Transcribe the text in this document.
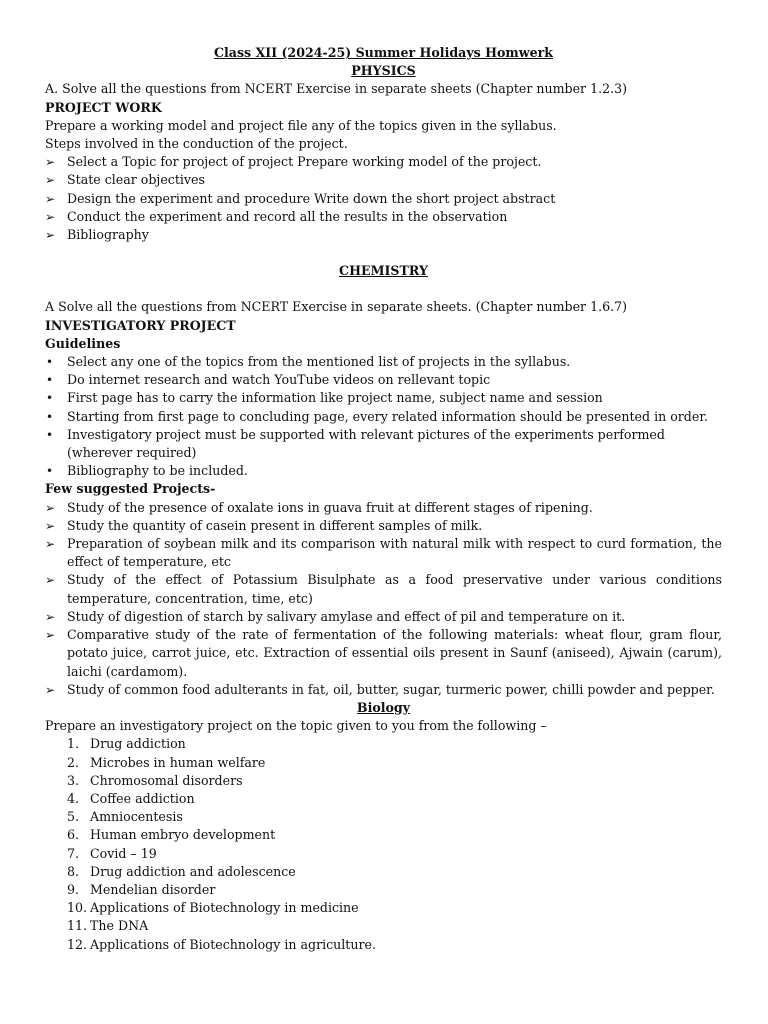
Class XII (2024-25) Summer Holidays Homwerk
PHYSICS
A. Solve all the questions from NCERT Exercise in separate sheets (Chapter number 1.2.3)
PROJECT WORK
Prepare a working model and project file any of the topics given in the syllabus.
Steps involved in the conduction of the project.
➢ Select a Topic for project of project Prepare working model of the project.
➢ State clear objectives
➢ Design the experiment and procedure Write down the short project abstract
➢ Conduct the experiment and record all the results in the observation
➢ Bibliography
CHEMISTRY
A Solve all the questions from NCERT Exercise in separate sheets. (Chapter number 1.6.7)
INVESTIGATORY PROJECT
Guidelines
• Select any one of the topics from the mentioned list of projects in the syllabus.
• Do internet research and watch YouTube videos on rellevant topic
• First page has to carry the information like project name, subject name and session
• Starting from first page to concluding page, every related information should be presented in order.
• Investigatory project must be supported with relevant pictures of the experiments performed (wherever required)
• Bibliography to be included.
Few suggested Projects-
➢ Study of the presence of oxalate ions in guava fruit at different stages of ripening.
➢ Study the quantity of casein present in different samples of milk.
➢ Preparation of soybean milk and its comparison with natural milk with respect to curd formation, the effect of temperature, etc
➢ Study of the effect of Potassium Bisulphate as a food preservative under various conditions temperature, concentration, time, etc)
➢ Study of digestion of starch by salivary amylase and effect of pil and temperature on it.
➢ Comparative study of the rate of fermentation of the following materials: wheat flour, gram flour, potato juice, carrot juice, etc. Extraction of essential oils present in Saunf (aniseed), Ajwain (carum), laichi (cardamom).
➢ Study of common food adulterants in fat, oil, butter, sugar, turmeric power, chilli powder and pepper.
Biology
Prepare an investigatory project on the topic given to you from the following –
1. Drug addiction
2. Microbes in human welfare
3. Chromosomal disorders
4. Coffee addiction
5. Amniocentesis
6. Human embryo development
7. Covid – 19
8. Drug addiction and adolescence
9. Mendelian disorder
10. Applications of Biotechnology in medicine
11. The DNA
12. Applications of Biotechnology in agriculture.
